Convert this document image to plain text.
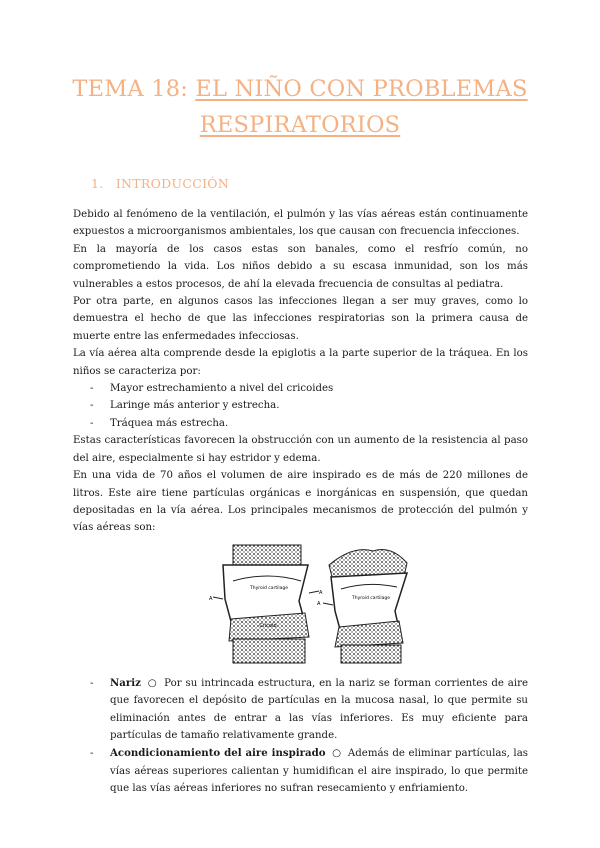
TEMA 18: EL NIÑO CON PROBLEMAS
RESPIRATORIOS
1. INTRODUCCIÓN

Debido al fenómeno de la ventilación, el pulmón y las vías aéreas están continuamente expuestos a microorganismos ambientales, los que causan con frecuencia infecciones.

En la mayoría de los casos estas son banales, como el resfrío común, no comprometiendo la vida. Los niños debido a su escasa inmunidad, son los más vulnerables a estos procesos, de ahí la elevada frecuencia de consultas al pediatra.

Por otra parte, en algunos casos las infecciones llegan a ser muy graves, como lo demuestra el hecho de que las infecciones respiratorias son la primera causa de muerte entre las enfermedades infecciosas.

La vía aérea alta comprende desde la epiglotis a la parte superior de la tráquea. En los niños se caracteriza por:

- Mayor estrechamiento a nivel del cricoides
- Laringe más anterior y estrecha.
- Tráquea más estrecha.

Estas características favorecen la obstrucción con un aumento de la resistencia al paso del aire, especialmente si hay estridor y edema.

En una vida de 70 años el volumen de aire inspirado es de más de 220 millones de litros. Este aire tiene partículas orgánicas e inorgánicas en suspensión, que quedan depositadas en la vía aérea. Los principales mecanismos de protección del pulmón y vías aéreas son:

Thyroid cartilage
Cricoid
A
A
Thyroid cartilage
A
- Nariz ○ Por su intrincada estructura, en la nariz se forman corrientes de aire que favorecen el depósito de partículas en la mucosa nasal, lo que permite su eliminación antes de entrar a las vías inferiores. Es muy eficiente para partículas de tamaño relativamente grande.
- Acondicionamiento del aire inspirado ○ Además de eliminar partículas, las vías aéreas superiores calientan y humidifican el aire inspirado, lo que permite que las vías aéreas inferiores no sufran resecamiento y enfriamiento.
